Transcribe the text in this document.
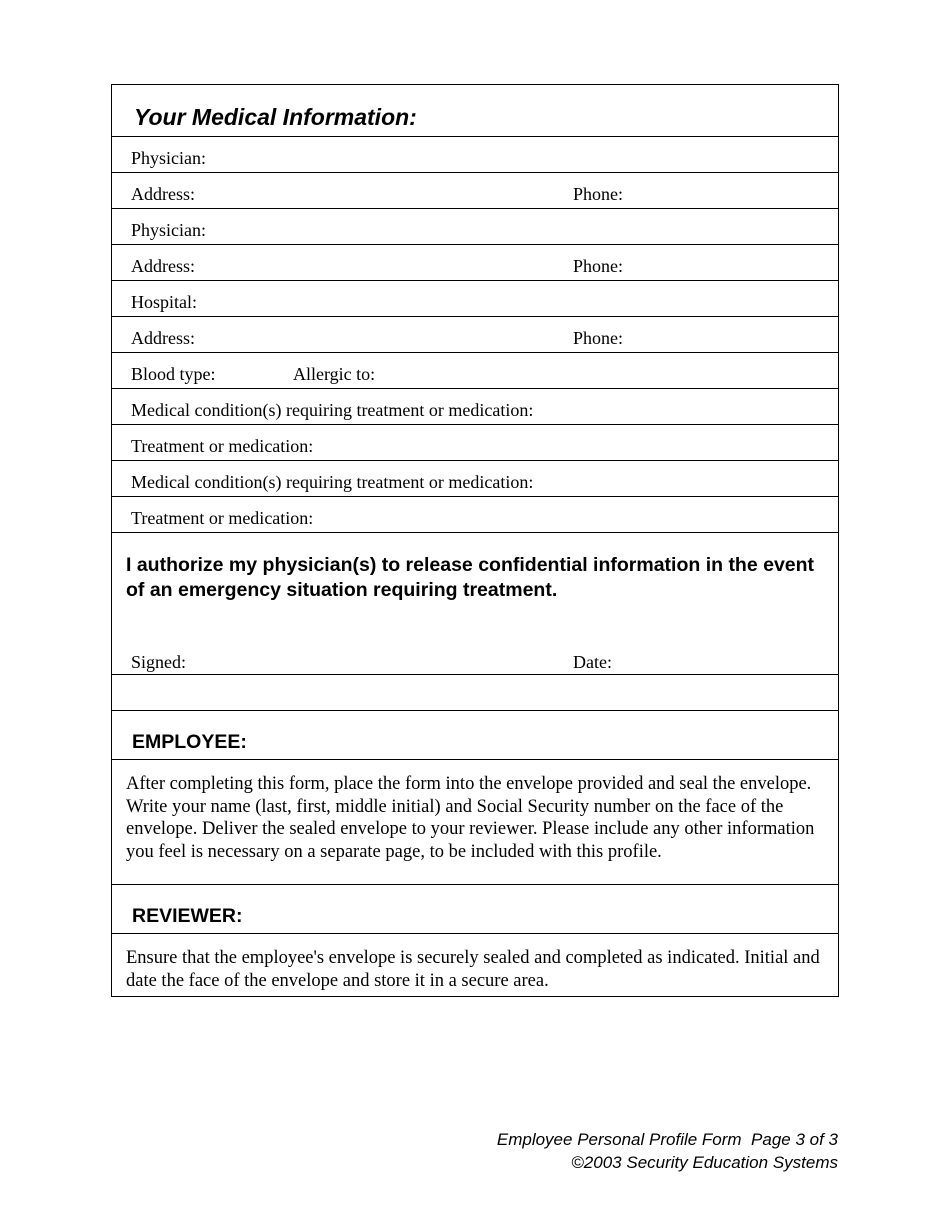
Your Medical Information:
Physician:
Address:	Phone:
Physician:
Address:	Phone:
Hospital:
Address:	Phone:
Blood type:	Allergic to:
Medical condition(s) requiring treatment or medication:
Treatment or medication:
Medical condition(s) requiring treatment or medication:
Treatment or medication:
I authorize my physician(s) to release confidential information in the event of an emergency situation requiring treatment.
Signed:	Date:
EMPLOYEE:
After completing this form, place the form into the envelope provided and seal the envelope. Write your name (last, first, middle initial) and Social Security number on the face of the envelope. Deliver the sealed envelope to your reviewer. Please include any other information you feel is necessary on a separate page, to be included with this profile.
REVIEWER:
Ensure that the employee's envelope is securely sealed and completed as indicated. Initial and date the face of the envelope and store it in a secure area.
Employee Personal Profile Form  Page 3 of 3
©2003 Security Education Systems
